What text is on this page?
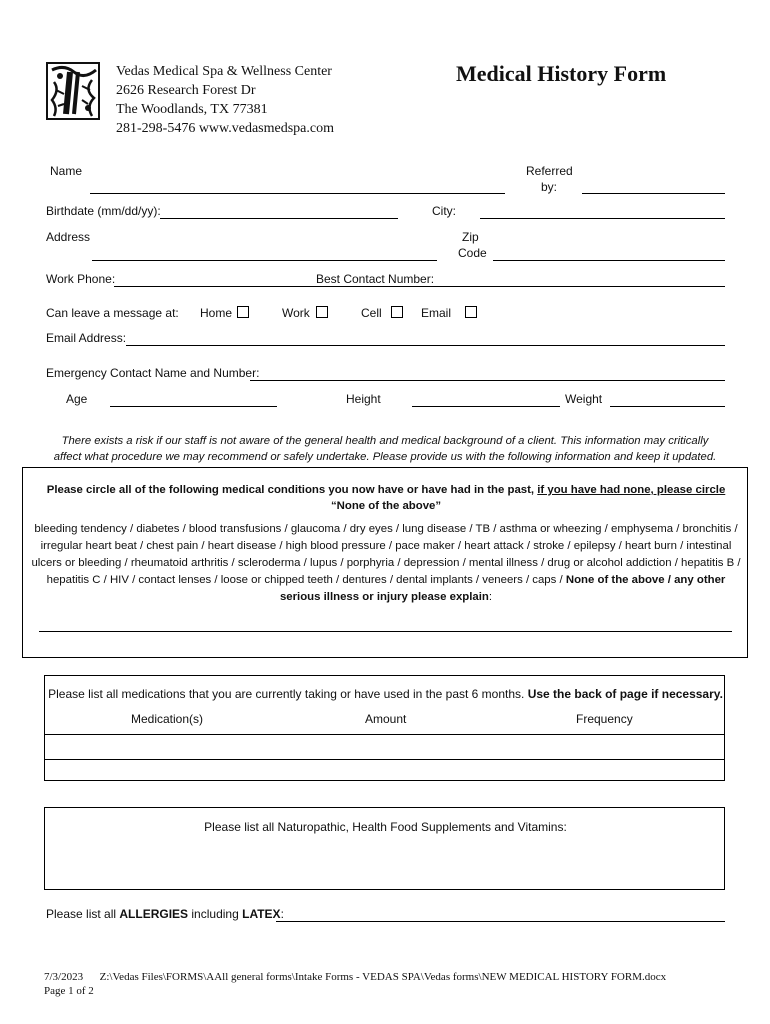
Vedas Medical Spa & Wellness Center
2626 Research Forest Dr
The Woodlands, TX 77381
281-298-5476 www.vedasmedspa.com
Medical History Form
Name	Referred
by:
Birthdate (mm/dd/yy):	City:
Address	Zip
Code
Work Phone:	Best Contact Number:
Can leave a message at: Home	Work	Cell	Email
Email Address:
Emergency Contact Name and Number:
Age	Height	Weight
There exists a risk if our staff is not aware of the general health and medical background of a client. This information may critically
affect what procedure we may recommend or safely undertake. Please provide us with the following information and keep it updated.
Please circle all of the following medical conditions you now have or have had in the past, if you have had none, please circle
“None of the above”
bleeding tendency / diabetes / blood transfusions / glaucoma / dry eyes / lung disease / TB / asthma or wheezing / emphysema / bronchitis /
irregular heart beat / chest pain / heart disease / high blood pressure / pace maker / heart attack / stroke / epilepsy / heart burn / intestinal
ulcers or bleeding / rheumatoid arthritis / scleroderma / lupus / porphyria / depression / mental illness / drug or alcohol addiction / hepatitis B /
hepatitis C / HIV / contact lenses / loose or chipped teeth / dentures / dental implants / veneers / caps / None of the above / any other
serious illness or injury please explain:
Please list all medications that you are currently taking or have used in the past 6 months. Use the back of page if necessary.
Medication(s)	Amount	Frequency
Please list all Naturopathic, Health Food Supplements and Vitamins:
Please list all ALLERGIES including LATEX:
7/3/2023 Z:\Vedas Files\FORMS\AAll general forms\Intake Forms - VEDAS SPA\Vedas forms\NEW MEDICAL HISTORY FORM.docx
Page 1 of 2
